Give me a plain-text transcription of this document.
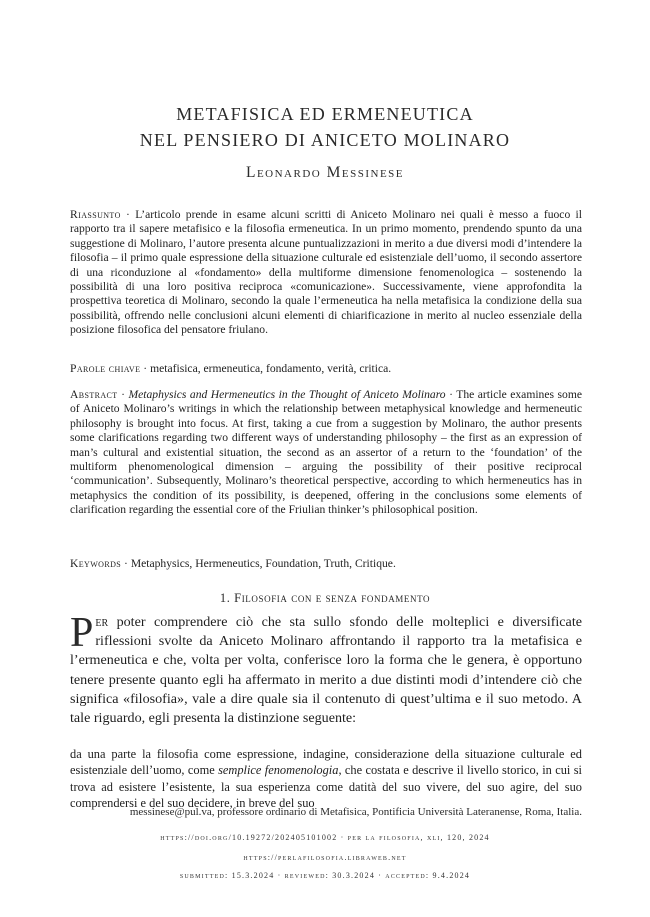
METAFISICA ED ERMENEUTICA
NEL PENSIERO DI ANICETO MOLINARO
Leonardo Messinese
Riassunto · L’articolo prende in esame alcuni scritti di Aniceto Molinaro nei quali è messo a fuoco il rapporto tra il sapere metafisico e la filosofia ermeneutica. In un primo momento, prendendo spunto da una suggestione di Molinaro, l’autore presenta alcune puntualizzazioni in merito a due diversi modi d’intendere la filosofia – il primo quale espressione della situazione culturale ed esistenziale dell’uomo, il secondo assertore di una riconduzione al «fondamento» della multiforme dimensione fenomenologica – sostenendo la possibilità di una loro positiva reciproca «comunicazione». Successivamente, viene approfondita la prospettiva teoretica di Molinaro, secondo la quale l’ermeneutica ha nella metafisica la condizione della sua possibilità, offrendo nelle conclusioni alcuni elementi di chiarificazione in merito al nucleo essenziale della posizione filosofica del pensatore friulano.
Parole chiave · metafisica, ermeneutica, fondamento, verità, critica.
Abstract · Metaphysics and Hermeneutics in the Thought of Aniceto Molinaro · The article examines some of Aniceto Molinaro’s writings in which the relationship between metaphysical knowledge and hermeneutic philosophy is brought into focus. At first, taking a cue from a suggestion by Molinaro, the author presents some clarifications regarding two different ways of understanding philosophy – the first as an expression of man’s cultural and existential situation, the second as an assertor of a return to the ‘foundation’ of the multiform phenomenological dimension – arguing the possibility of their positive reciprocal ‘communication’. Subsequently, Molinaro’s theoretical perspective, according to which hermeneutics has in metaphysics the condition of its possibility, is deepened, offering in the conclusions some elements of clarification regarding the essential core of the Friulian thinker’s philosophical position.
Keywords · Metaphysics, Hermeneutics, Foundation, Truth, Critique.
1. Filosofia con e senza fondamento
Per poter comprendere ciò che sta sullo sfondo delle molteplici e diversificate riflessioni svolte da Aniceto Molinaro affrontando il rapporto tra la metafisica e l’ermeneutica e che, volta per volta, conferisce loro la forma che le genera, è opportuno tenere presente quanto egli ha affermato in merito a due distinti modi d’intendere ciò che significa «filosofia», vale a dire quale sia il contenuto di quest’ultima e il suo metodo. A tale riguardo, egli presenta la distinzione seguente:
da una parte la filosofia come espressione, indagine, considerazione della situazione culturale ed esistenziale dell’uomo, come semplice fenomenologia, che costata e descrive il livello storico, in cui si trova ad esistere l’esistente, la sua esperienza come datità del suo vivere, del suo agire, del suo comprendersi e del suo decidere, in breve del suo
messinese@pul.va, professore ordinario di Metafisica, Pontificia Università Lateranense, Roma, Italia.
https://doi.org/10.19272/202405101002 · per la filosofia, xli, 120, 2024
https://perlafilosofia.libraweb.net
submitted: 15.3.2024 · reviewed: 30.3.2024 · accepted: 9.4.2024
